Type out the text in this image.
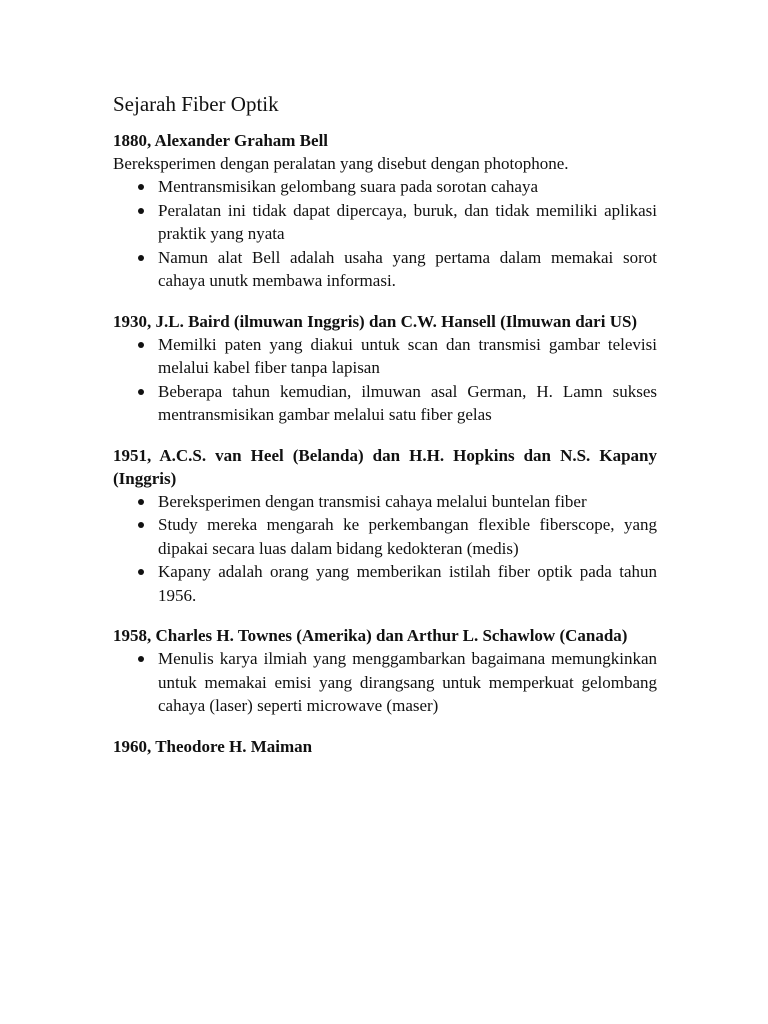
Sejarah Fiber Optik

1880, Alexander Graham Bell

Bereksperimen dengan peralatan yang disebut dengan photophone.

Mentransmisikan gelombang suara pada sorotan cahaya
Peralatan ini tidak dapat dipercaya, buruk, dan tidak memiliki aplikasi praktik yang nyata
Namun alat Bell adalah usaha yang pertama dalam memakai sorot cahaya unutk membawa informasi.

1930, J.L. Baird (ilmuwan Inggris) dan C.W. Hansell (Ilmuwan dari US)

Memilki paten yang diakui untuk scan dan transmisi gambar televisi melalui kabel fiber tanpa lapisan
Beberapa tahun kemudian, ilmuwan asal German, H. Lamn sukses mentransmisikan gambar melalui satu fiber gelas

1951, A.C.S. van Heel (Belanda) dan H.H. Hopkins dan N.S. Kapany (Inggris)

Bereksperimen dengan transmisi cahaya melalui buntelan fiber
Study mereka mengarah ke perkembangan flexible fiberscope, yang dipakai secara luas dalam bidang kedokteran (medis)
Kapany adalah orang yang memberikan istilah fiber optik pada tahun 1956.

1958, Charles H. Townes (Amerika) dan Arthur L. Schawlow (Canada)

Menulis karya ilmiah yang menggambarkan bagaimana memungkinkan untuk memakai emisi yang dirangsang untuk memperkuat gelombang cahaya (laser) seperti microwave (maser)

1960, Theodore H. Maiman
